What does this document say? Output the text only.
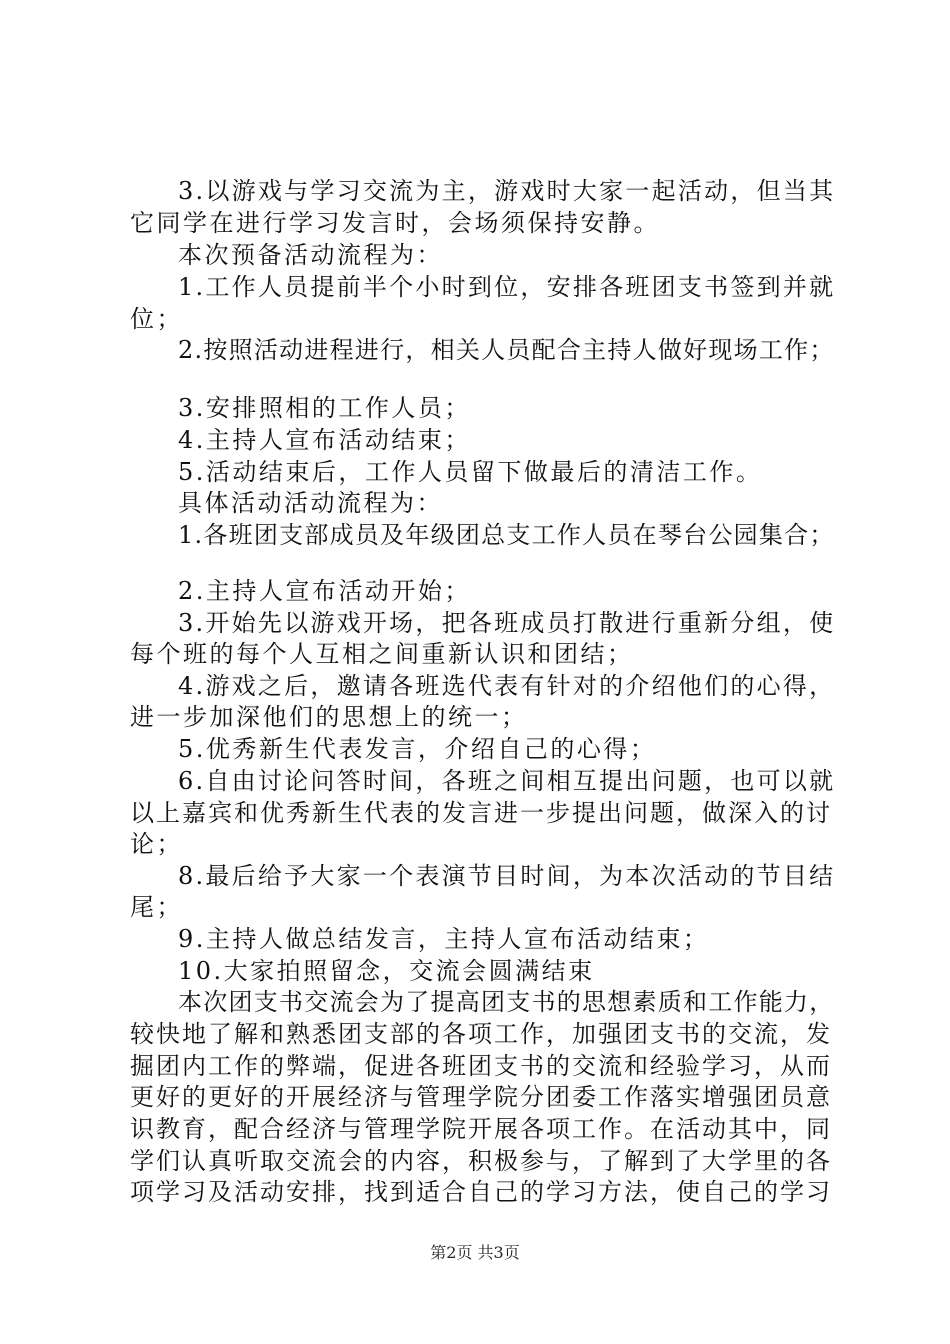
3.以游戏与学习交流为主，游戏时大家一起活动，但当其
它同学在进行学习发言时，会场须保持安静。
本次预备活动流程为：
1.工作人员提前半个小时到位，安排各班团支书签到并就
位；
2.按照活动进程进行，相关人员配合主持人做好现场工作；
3.安排照相的工作人员；
4.主持人宣布活动结束；
5.活动结束后，工作人员留下做最后的清洁工作。
具体活动活动流程为：
1.各班团支部成员及年级团总支工作人员在琴台公园集合；
2.主持人宣布活动开始；
3.开始先以游戏开场，把各班成员打散进行重新分组，使
每个班的每个人互相之间重新认识和团结；
4.游戏之后，邀请各班选代表有针对的介绍他们的心得，
进一步加深他们的思想上的统一；
5.优秀新生代表发言，介绍自己的心得；
6.自由讨论问答时间，各班之间相互提出问题，也可以就
以上嘉宾和优秀新生代表的发言进一步提出问题，做深入的讨
论；
8.最后给予大家一个表演节目时间，为本次活动的节目结
尾；
9.主持人做总结发言，主持人宣布活动结束；
10.大家拍照留念，交流会圆满结束
本次团支书交流会为了提高团支书的思想素质和工作能力，
较快地了解和熟悉团支部的各项工作，加强团支书的交流，发
掘团内工作的弊端，促进各班团支书的交流和经验学习，从而
更好的更好的开展经济与管理学院分团委工作落实增强团员意
识教育，配合经济与管理学院开展各项工作。在活动其中，同
学们认真听取交流会的内容，积极参与，了解到了大学里的各
项学习及活动安排，找到适合自己的学习方法，使自己的学习
第2页 共3页
